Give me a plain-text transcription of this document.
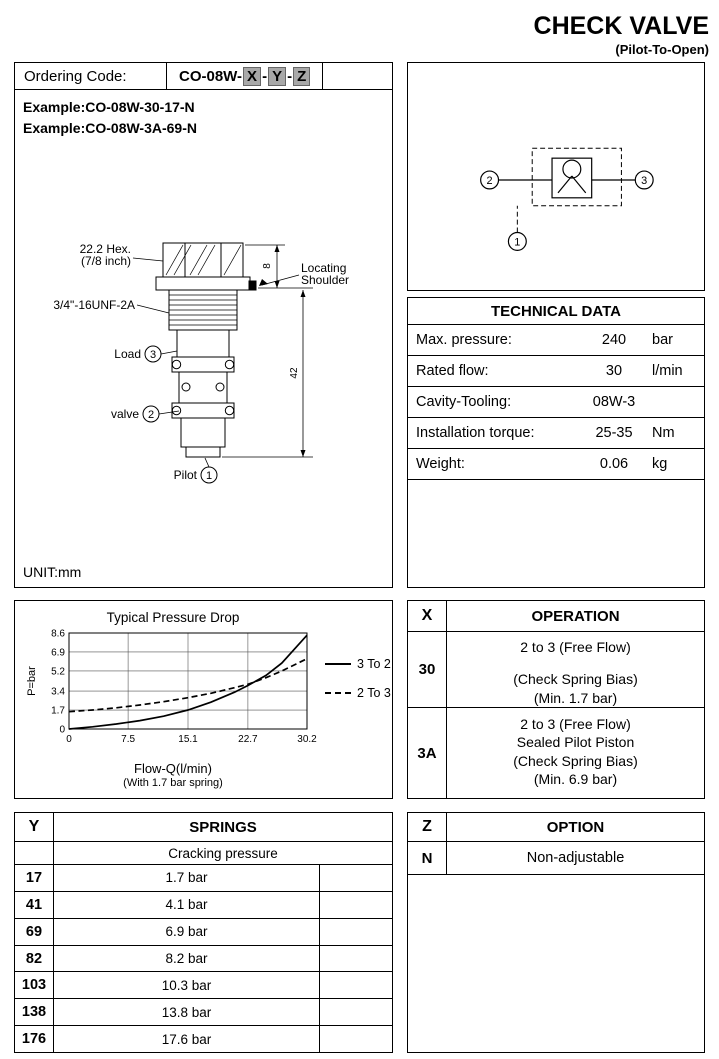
CHECK VALVE
(Pilot-To-Open)
Ordering Code:	CO-08W- X - Y - Z
Example:CO-08W-30-17-N
Example:CO-08W-3A-69-N
8
42
22.2 Hex.
(7/8 inch)
3/4"-16UNF-2A
Load 3
valve 2
Pilot 1
Locating
Shoulder
UNIT:mm
2	3
1
TECHNICAL DATA
Max. pressure:	240	bar
Rated flow:	30	l/min
Cavity-Tooling:	08W-3
Installation torque:	25-35	Nm
Weight:	0.06	kg
Typical Pressure Drop
0	7.5	15.1	22.7	30.2
0
1.7
3.4
5.2
6.9
8.6
P=bar
Flow-Q(l/min)
(With 1.7 bar spring)
3 To 2
2 To 3
X	OPERATION
30
2 to 3 (Free Flow)
(Check Spring Bias)
(Min. 1.7 bar)
3A
2 to 3 (Free Flow)
Sealed Pilot Piston
(Check Spring Bias)
(Min. 6.9 bar)
Y	SPRINGS
Cracking pressure
17	1.7 bar
41	4.1 bar
69	6.9 bar
82	8.2 bar
103	10.3 bar
138	13.8 bar
176	17.6 bar
Z	OPTION
N	Non-adjustable
